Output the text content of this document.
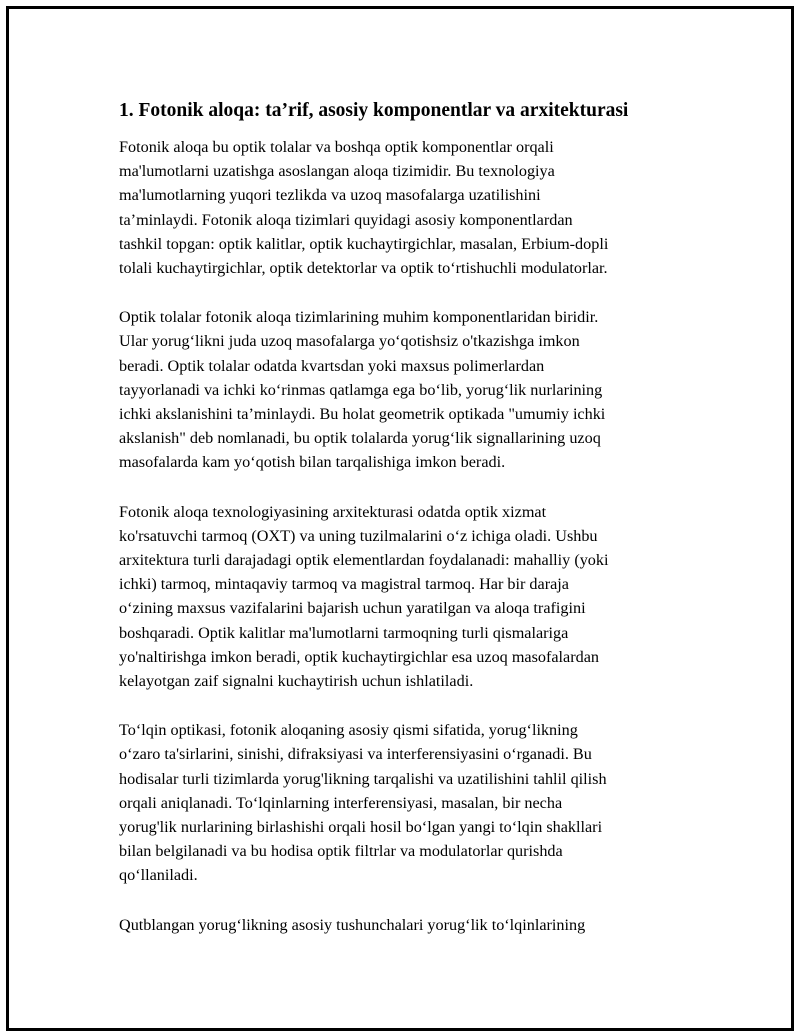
1. Fotonik aloqa: ta’rif, asosiy komponentlar va arxitekturasi
Fotonik aloqa bu optik tolalar va boshqa optik komponentlar orqali
ma'lumotlarni uzatishga asoslangan aloqa tizimidir. Bu texnologiya
ma'lumotlarning yuqori tezlikda va uzoq masofalarga uzatilishini
ta’minlaydi. Fotonik aloqa tizimlari quyidagi asosiy komponentlardan
tashkil topgan: optik kalitlar, optik kuchaytirgichlar, masalan, Erbium-dopli
tolali kuchaytirgichlar, optik detektorlar va optik to‘rtishuchli modulatorlar.
Optik tolalar fotonik aloqa tizimlarining muhim komponentlaridan biridir.
Ular yorug‘likni juda uzoq masofalarga yo‘qotishsiz o'tkazishga imkon
beradi. Optik tolalar odatda kvartsdan yoki maxsus polimerlardan
tayyorlanadi va ichki ko‘rinmas qatlamga ega bo‘lib, yorug‘lik nurlarining
ichki akslanishini ta’minlaydi. Bu holat geometrik optikada "umumiy ichki
akslanish" deb nomlanadi, bu optik tolalarda yorug‘lik signallarining uzoq
masofalarda kam yo‘qotish bilan tarqalishiga imkon beradi.
Fotonik aloqa texnologiyasining arxitekturasi odatda optik xizmat
ko'rsatuvchi tarmoq (OXT) va uning tuzilmalarini o‘z ichiga oladi. Ushbu
arxitektura turli darajadagi optik elementlardan foydalanadi: mahalliy (yoki
ichki) tarmoq, mintaqaviy tarmoq va magistral tarmoq. Har bir daraja
o‘zining maxsus vazifalarini bajarish uchun yaratilgan va aloqa trafigini
boshqaradi. Optik kalitlar ma'lumotlarni tarmoqning turli qismalariga
yo'naltirishga imkon beradi, optik kuchaytirgichlar esa uzoq masofalardan
kelayotgan zaif signalni kuchaytirish uchun ishlatiladi.
To‘lqin optikasi, fotonik aloqaning asosiy qismi sifatida, yorug‘likning
o‘zaro ta'sirlarini, sinishi, difraksiyasi va interferensiyasini o‘rganadi. Bu
hodisalar turli tizimlarda yorug'likning tarqalishi va uzatilishini tahlil qilish
orqali aniqlanadi. To‘lqinlarning interferensiyasi, masalan, bir necha
yorug'lik nurlarining birlashishi orqali hosil bo‘lgan yangi to‘lqin shakllari
bilan belgilanadi va bu hodisa optik filtrlar va modulatorlar qurishda
qo‘llaniladi.
Qutblangan yorug‘likning asosiy tushunchalari yorug‘lik to‘lqinlarining
